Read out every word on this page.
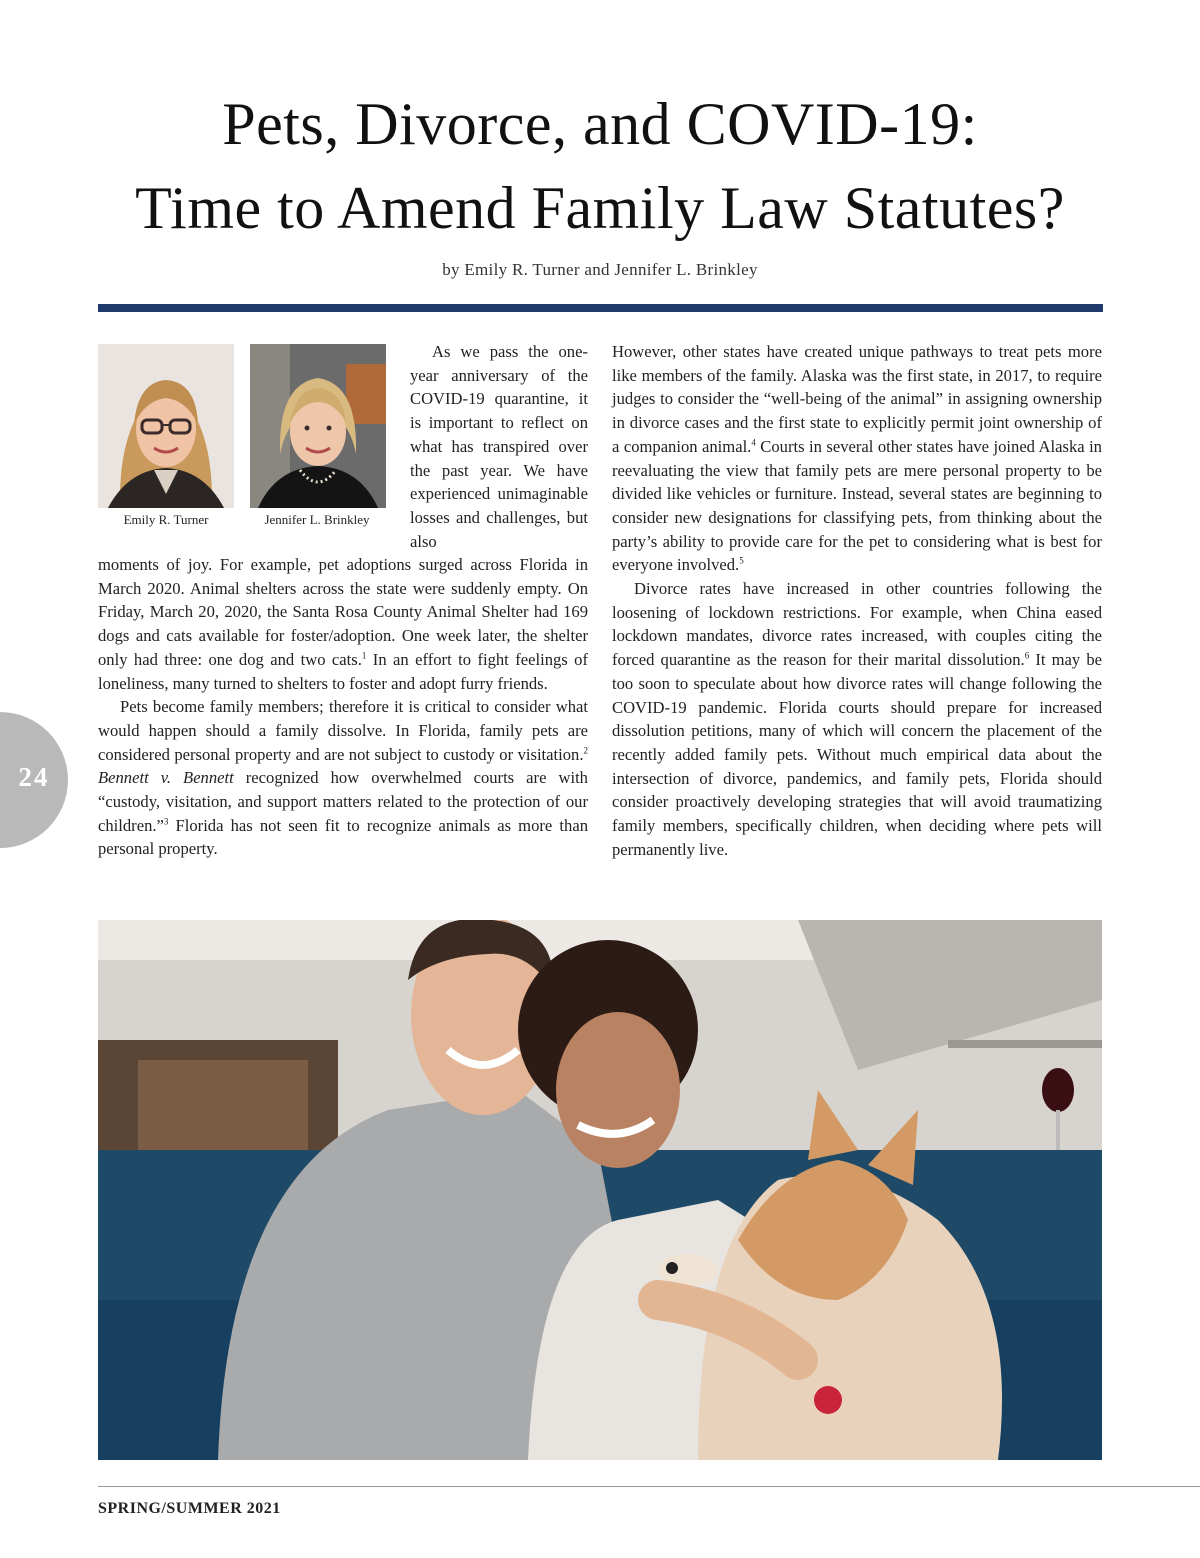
Pets, Divorce, and COVID-19:
Time to Amend Family Law Statutes?
by Emily R. Turner and Jennifer L. Brinkley
Emily R. Turner	Jennifer L. Brinkley

As we pass the one-year anniversary of the COVID-19 quarantine, it is important to reflect on what has transpired over the past year. We have experienced unimaginable losses and challenges, but also

moments of joy. For example, pet adoptions surged across Florida in March 2020. Animal shelters across the state were suddenly empty. On Friday, March 20, 2020, the Santa Rosa County Animal Shelter had 169 dogs and cats available for foster/adoption. One week later, the shelter only had three: one dog and two cats.$^1$ In an effort to fight feelings of loneliness, many turned to shelters to foster and adopt furry friends.

Pets become family members; therefore it is critical to consider what would happen should a family dissolve. In Florida, family pets are considered personal property and are not subject to custody or visitation.$^2$ Bennett v. Bennett recognized how overwhelmed courts are with “custody, visitation, and support matters related to the protection of our children.”$^3$ Florida has not seen fit to recognize animals as more than personal property.

However, other states have created unique pathways to treat pets more like members of the family. Alaska was the first state, in 2017, to require judges to consider the “well-being of the animal” in assigning ownership in divorce cases and the first state to explicitly permit joint ownership of a companion animal.$^4$ Courts in several other states have joined Alaska in reevaluating the view that family pets are mere personal property to be divided like vehicles or furniture. Instead, several states are beginning to consider new designations for classifying pets, from thinking about the party’s ability to provide care for the pet to considering what is best for everyone involved.$^5$

Divorce rates have increased in other countries following the loosening of lockdown restrictions. For example, when China eased lockdown mandates, divorce rates increased, with couples citing the forced quarantine as the reason for their marital dissolution.$^6$ It may be too soon to speculate about how divorce rates will change following the COVID-19 pandemic. Florida courts should prepare for increased dissolution petitions, many of which will concern the placement of the recently added family pets. Without much empirical data about the intersection of divorce, pandemics, and family pets, Florida should consider proactively developing strategies that will avoid traumatizing family members, specifically children, when deciding where pets will permanently live.

24
SPRING/SUMMER 2021
